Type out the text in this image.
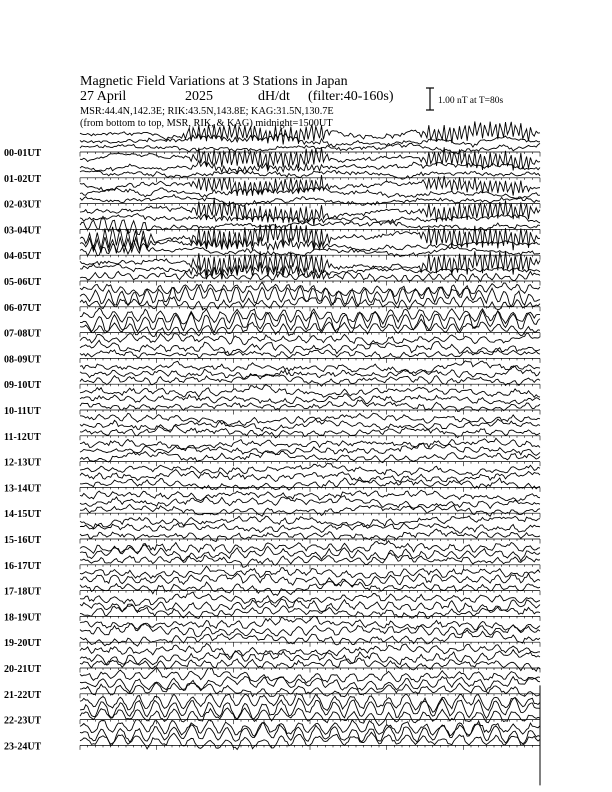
Magnetic Field Variations at 3 Stations in Japan
27 April	2025	dH/dt (filter:40-160s)
MSR:44.4N,142.3E; RIK:43.5N,143.8E; KAG:31.5N,130.7E
(from bottom to top, MSR, RIK, & KAG) midnight=1500UT
1.00 nT at T=80s
00-01UT
01-02UT
02-03UT
03-04UT
04-05UT
05-06UT
06-07UT
07-08UT
08-09UT
09-10UT
10-11UT
11-12UT
12-13UT
13-14UT
14-15UT
15-16UT
16-17UT
17-18UT
18-19UT
19-20UT
20-21UT
21-22UT
22-23UT
23-24UT
